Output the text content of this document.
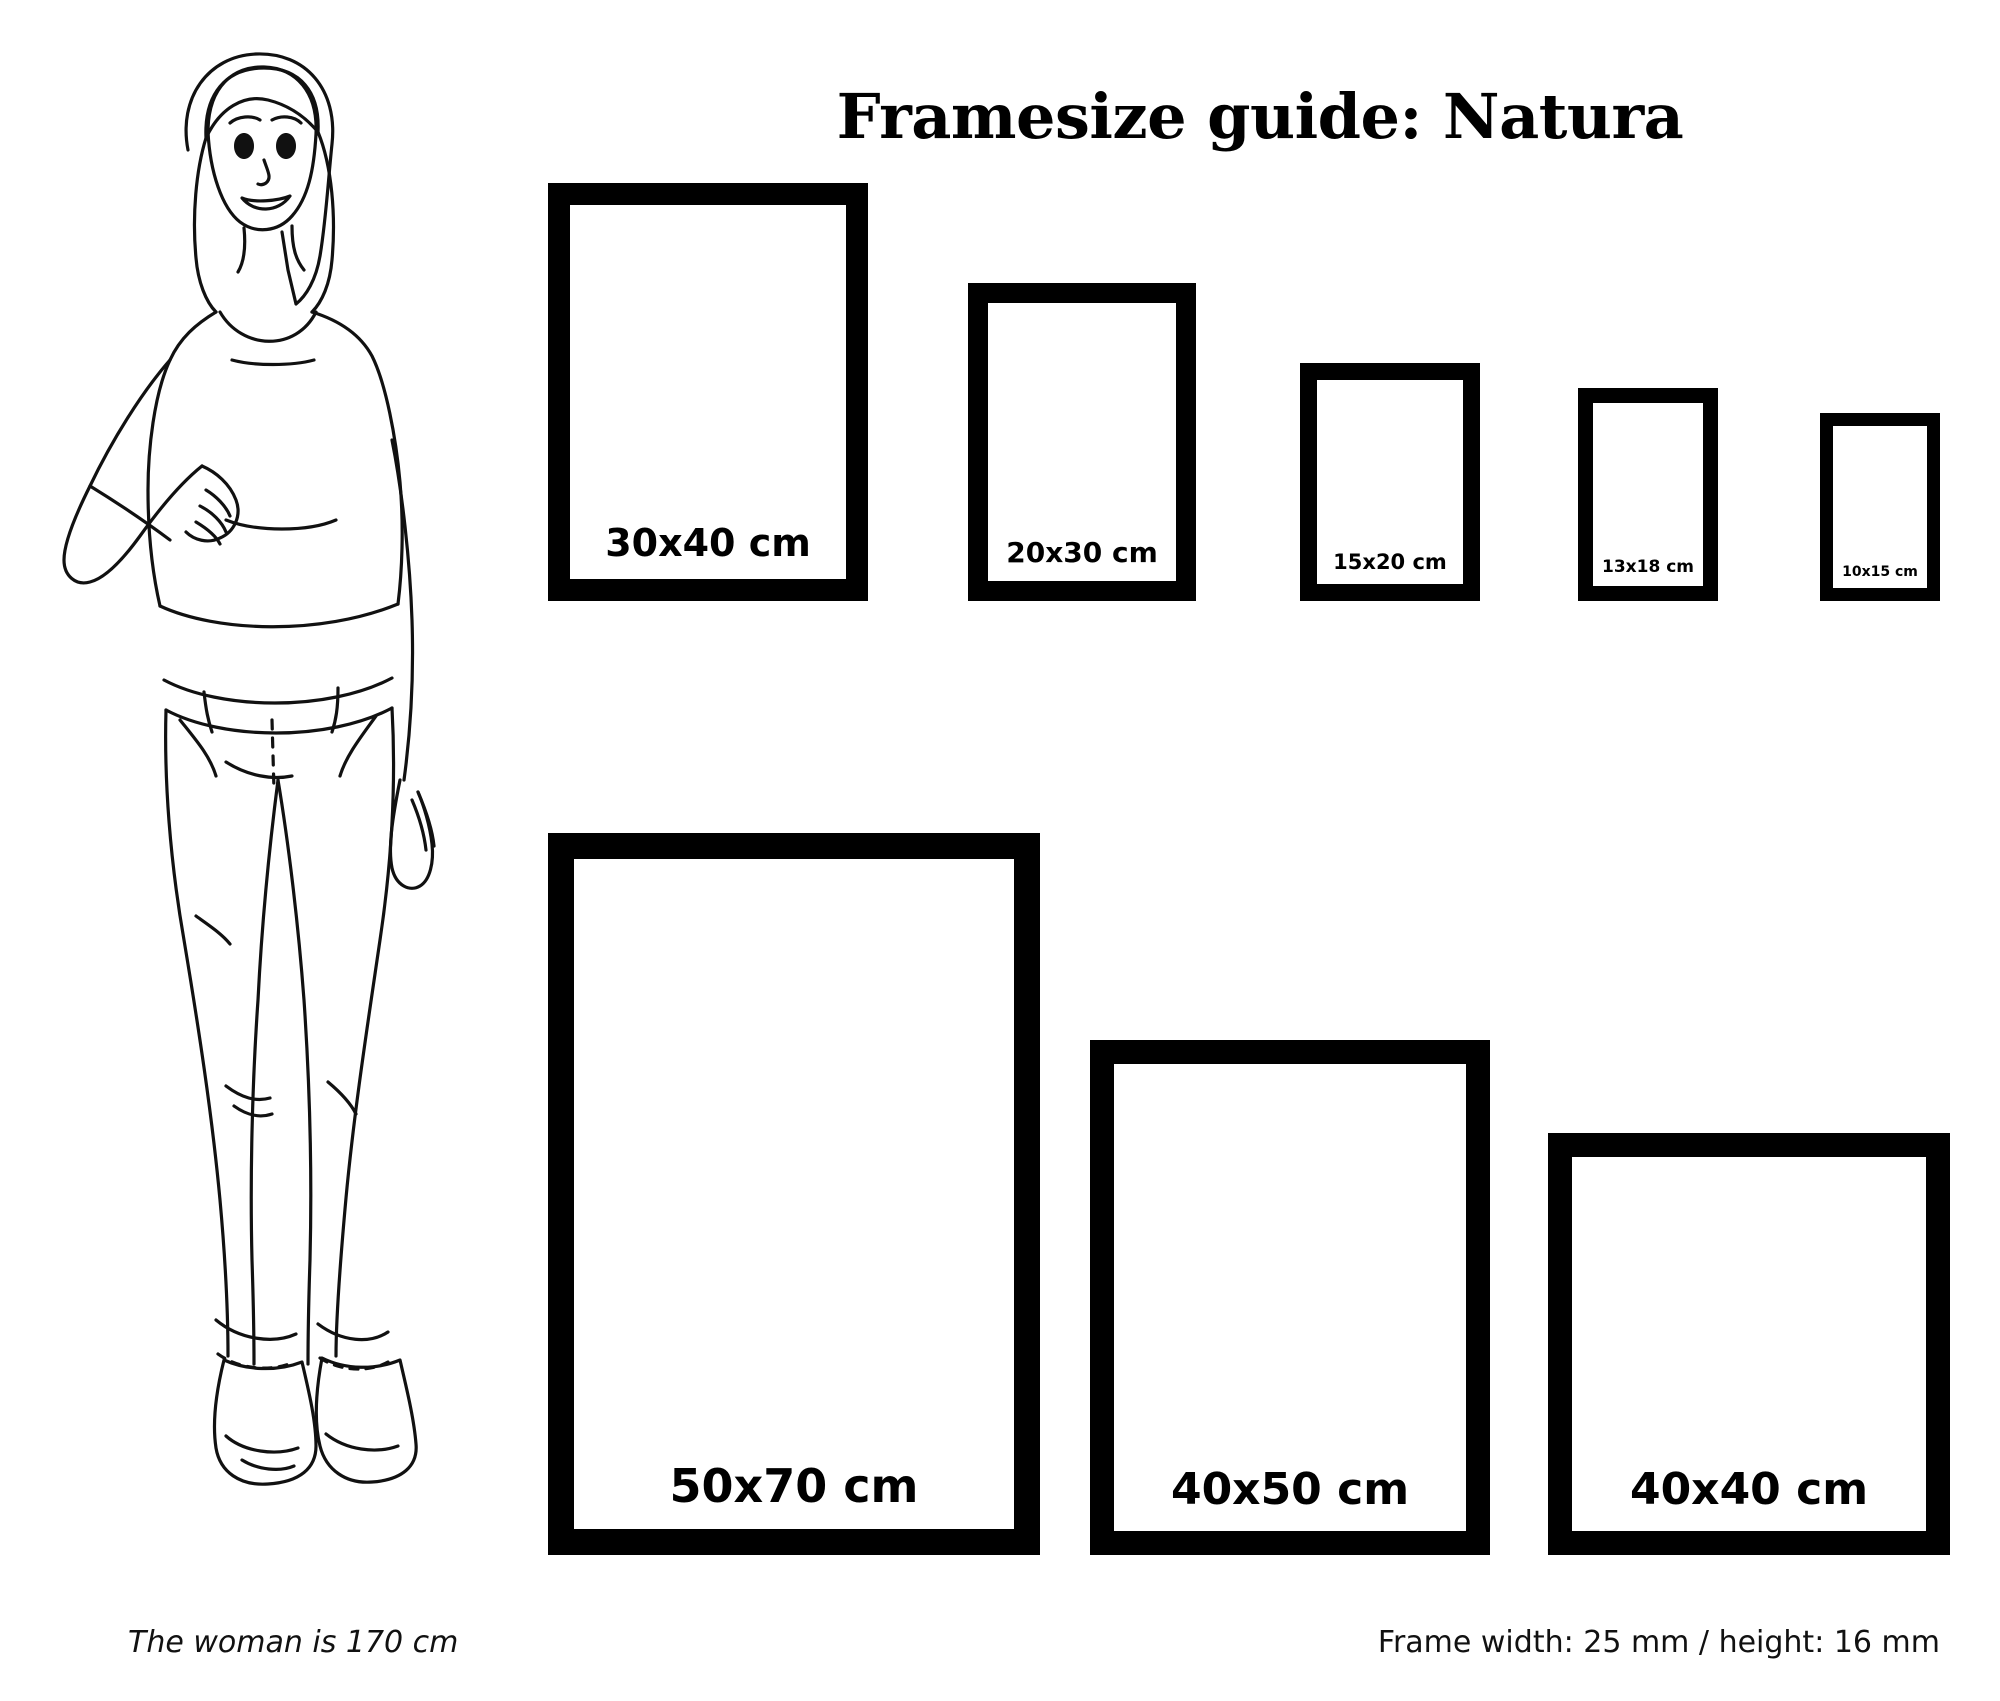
Framesize guide: Natura
30x40 cm	20x30 cm	15x20 cm	13x18 cm	10x15 cm
50x70 cm	40x50 cm	40x40 cm
The woman is 170 cm	Frame width: 25 mm / height: 16 mm
